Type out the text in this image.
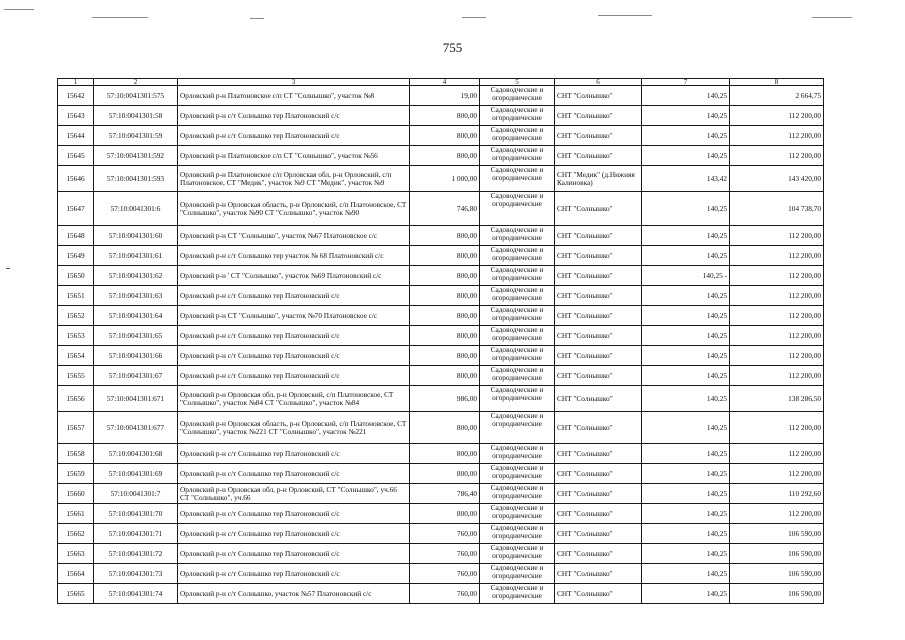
755
1	2	3	4	5	6	7	8
15642	57:10:0041301:575	Орловский р-н Платоновское с/п СТ "Солнышко", участок №8	19,00	Садоводческие и огороднические	СНТ "Солнышко"	140,25	2 664,75
15643	57:10:0041301:58	Орловский р-н с/т Солнышко тер Платоновский с/с	800,00	Садоводческие и огороднические	СНТ "Солнышко"	140,25	112 200,00
15644	57:10:0041301:59	Орловский р-н с/т Солнышко тер Платоновский с/с	800,00	Садоводческие и огороднические	СНТ "Солнышко"	140,25	112 200,00
15645	57:10:0041301:592	Орловский р-н Платоновское с/п СТ "Солнышко", участок №56	800,00	Садоводческие и огороднические	СНТ "Солнышко"	140,25	112 200,00
15646	57:10:0041301:593	Орловский р-н Платоновское с/п Орловская обл, р-н Орловский, с/п Платоновское, СТ "Медик", участок №9 СТ "Медик", участок №9	1 000,00	Садоводческие и огороднические	СНТ "Медик" (д.Нижняя Калиновка)	143,42	143 420,00
15647	57:10:0041301:6	Орловский р-н Орловская область, р-н Орловский, с/п Платоновское, СТ "Солнышко", участок №90 СТ "Солнышко", участок №90	746,80	Садоводческие и огороднические	СНТ "Солнышко"	140,25	104 738,70
15648	57:10:0041301:60	Орловский р-н СТ "Солнышко", участок №67 Платоновское с/с	800,00	Садоводческие и огороднические	СНТ "Солнышко"	140,25	112 200,00
15649	57:10:0041301:61	Орловский р-н с/т Солнышко тер участок № 68 Платоновский с/с	800,00	Садоводческие и огороднические	СНТ "Солнышко"	140,25	112 200,00
15650	57:10:0041301:62	Орловский р-н ' СТ "Солнышко", участок №69 Платоновский с/с	800,00	Садоводческие и огороднические	СНТ "Солнышко"	140,25 -	112 200,00
15651	57:10:0041301:63	Орловский р-н с/т Солнышко тер Платоновский с/с	800,00	Садоводческие и огороднические	СНТ "Солнышко"	140,25	112 200,00
15652	57:10:0041301:64	Орловский р-н СТ "Солнышко", участок №70 Платоновское с/с	800,00	Садоводческие и огороднические	СНТ "Солнышко"	140,25	112 200,00
15653	57:10:0041301:65	Орловский р-н с/т Солнышко тер Платоновский с/с	800,00	Садоводческие и огороднические	СНТ "Солнышко"	140,25	112 200,00
15654	57:10:0041301:66	Орловский р-н с/т Солнышко тер Платоновский с/с	800,00	Садоводческие и огороднические	СНТ "Солнышко"	140,25	112 200,00
15655	57:10:0041301:67	Орловский р-н с/т Солнышко тер Платоновский с/с	800,00	Садоводческие и огороднические	СНТ "Солнышко"	140,25	112 200,00
15656	57:10:0041301:671	Орловский р-н Орловская обл, р-н Орловский, с/п Платоновское, СТ "Солнышко", участок №84 СТ "Солнышко", участок №84	986,00	Садоводческие и огороднические	СНТ "Солнышко"	140,25	138 286,50
15657	57:10:0041301:677	Орловский р-н Орловская область, р-н Орловский, с/п Платоновское, СТ "Солнышко", участок №221 СТ "Солнышко", участок №221	800,00	Садоводческие и огороднические	СНТ "Солнышко"	140,25	112 200,00
15658	57:10:0041301:68	Орловский р-н с/т Солнышко тер Платоновский с/с	800,00	Садоводческие и огороднические	СНТ "Солнышко"	140,25	112 200,00
15659	57:10:0041301:69	Орловский р-н с/т Солнышко тер Платоновский с/с	800,00	Садоводческие и огороднические	СНТ "Солнышко"	140,25	112 200,00
15660	57:10:0041301:7	Орловский р-н Орловская обл, р-н Орловский, СТ "Солнышко", уч.66 СТ "Солнышко", уч.66	786,40	Садоводческие и огороднические	СНТ "Солнышко"	140,25	110 292,60
15661	57:10:0041301:70	Орловский р-н с/т Солнышко тер Платоновский с/с	800,00	Садоводческие и огороднические	СНТ "Солнышко"	140,25	112 200,00
15662	57:10:0041301:71	Орловский р-н с/т Солнышко тер Платоновский с/с	760,00	Садоводческие и огороднические	СНТ "Солнышко"	140,25	106 590,00
15663	57:10:0041301:72	Орловский р-н с/т Солнышко тер Платоновский с/с	760,00	Садоводческие и огороднические	СНТ "Солнышко"	140,25	106 590,00
15664	57:10:0041301:73	Орловский р-н с/т Солнышко тер Платоновский с/с	760,00	Садоводческие и огороднические	СНТ "Солнышко"	140,25	106 590,00
15665	57:10:0041301:74	Орловский р-н с/т Солнышко, участок №57 Платоновский с/с	760,00	Садоводческие и огороднические	СНТ "Солнышко"	140,25	106 590,00
